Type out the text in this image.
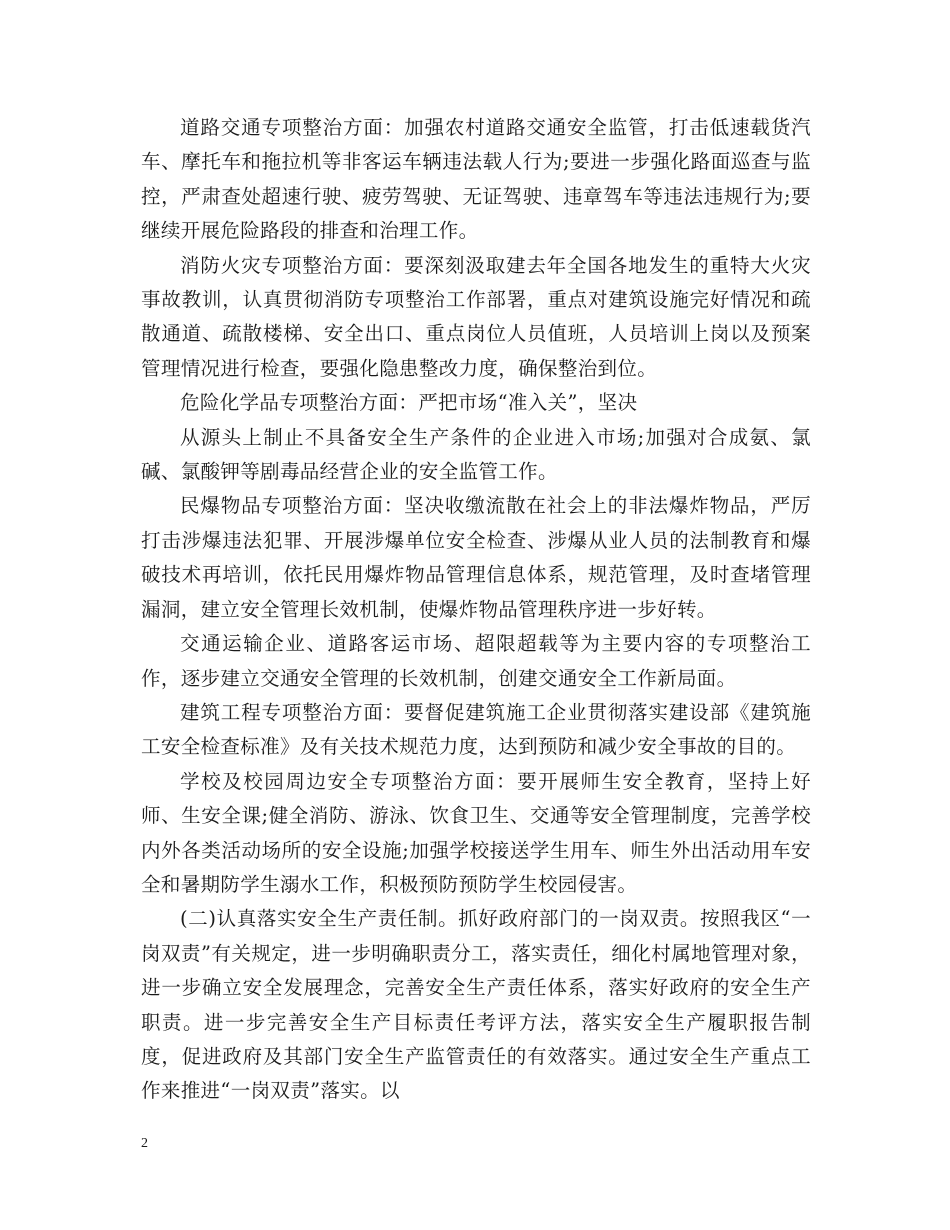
道路交通专项整治方面：加强农村道路交通安全监管，打击低速载货汽车、摩托车和拖拉机等非客运车辆违法载人行为;要进一步强化路面巡查与监控，严肃查处超速行驶、疲劳驾驶、无证驾驶、违章驾车等违法违规行为;要继续开展危险路段的排查和治理工作。

消防火灾专项整治方面：要深刻汲取建去年全国各地发生的重特大火灾事故教训，认真贯彻消防专项整治工作部署，重点对建筑设施完好情况和疏散通道、疏散楼梯、安全出口、重点岗位人员值班，人员培训上岗以及预案管理情况进行检查，要强化隐患整改力度，确保整治到位。

危险化学品专项整治方面：严把市场“准入关”，坚决

从源头上制止不具备安全生产条件的企业进入市场;加强对合成氨、氯碱、氯酸钾等剧毒品经营企业的安全监管工作。

民爆物品专项整治方面：坚决收缴流散在社会上的非法爆炸物品，严厉打击涉爆违法犯罪、开展涉爆单位安全检查、涉爆从业人员的法制教育和爆破技术再培训，依托民用爆炸物品管理信息体系，规范管理，及时查堵管理漏洞，建立安全管理长效机制，使爆炸物品管理秩序进一步好转。

交通运输企业、道路客运市场、超限超载等为主要内容的专项整治工作，逐步建立交通安全管理的长效机制，创建交通安全工作新局面。

建筑工程专项整治方面：要督促建筑施工企业贯彻落实建设部《建筑施工安全检查标准》及有关技术规范力度，达到预防和减少安全事故的目的。

学校及校园周边安全专项整治方面：要开展师生安全教育，坚持上好师、生安全课;健全消防、游泳、饮食卫生、交通等安全管理制度，完善学校内外各类活动场所的安全设施;加强学校接送学生用车、师生外出活动用车安全和暑期防学生溺水工作，积极预防预防学生校园侵害。

(二)认真落实安全生产责任制。抓好政府部门的一岗双责。按照我区“一岗双责”有关规定，进一步明确职责分工，落实责任，细化村属地管理对象，进一步确立安全发展理念，完善安全生产责任体系，落实好政府的安全生产职责。进一步完善安全生产目标责任考评方法，落实安全生产履职报告制度，促进政府及其部门安全生产监管责任的有效落实。通过安全生产重点工作来推进“一岗双责”落实。以

2
